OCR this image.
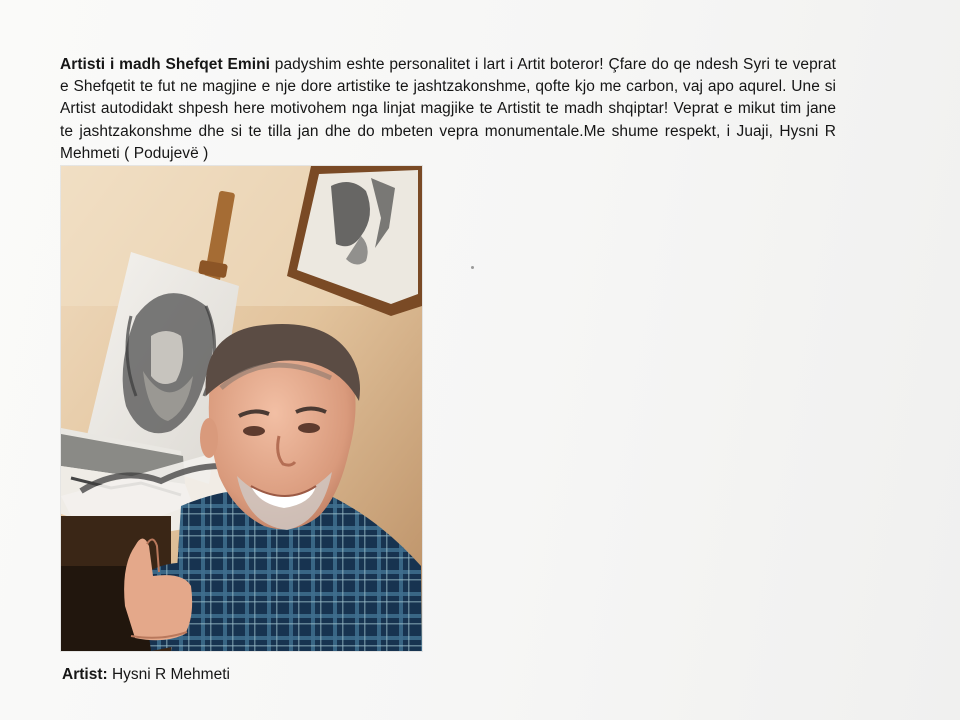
Artisti i madh Shefqet Emini padyshim eshte personalitet i lart i Artit boteror! Çfare do qe ndesh Syri te veprat e Shefqetit te fut ne magjine e nje dore artistike te jashtzakonshme, qofte kjo me carbon, vaj apo aqurel. Une si Artist autodidakt shpesh here motivohem nga linjat magjike te Artistit te madh shqiptar! Veprat e mikut tim jane te jashtzakonshme dhe si te tilla jan dhe do mbeten vepra monumentale.Me shume respekt, i Juaji, Hysni R Mehmeti ( Podujevë )

Artist: Hysni R Mehmeti
